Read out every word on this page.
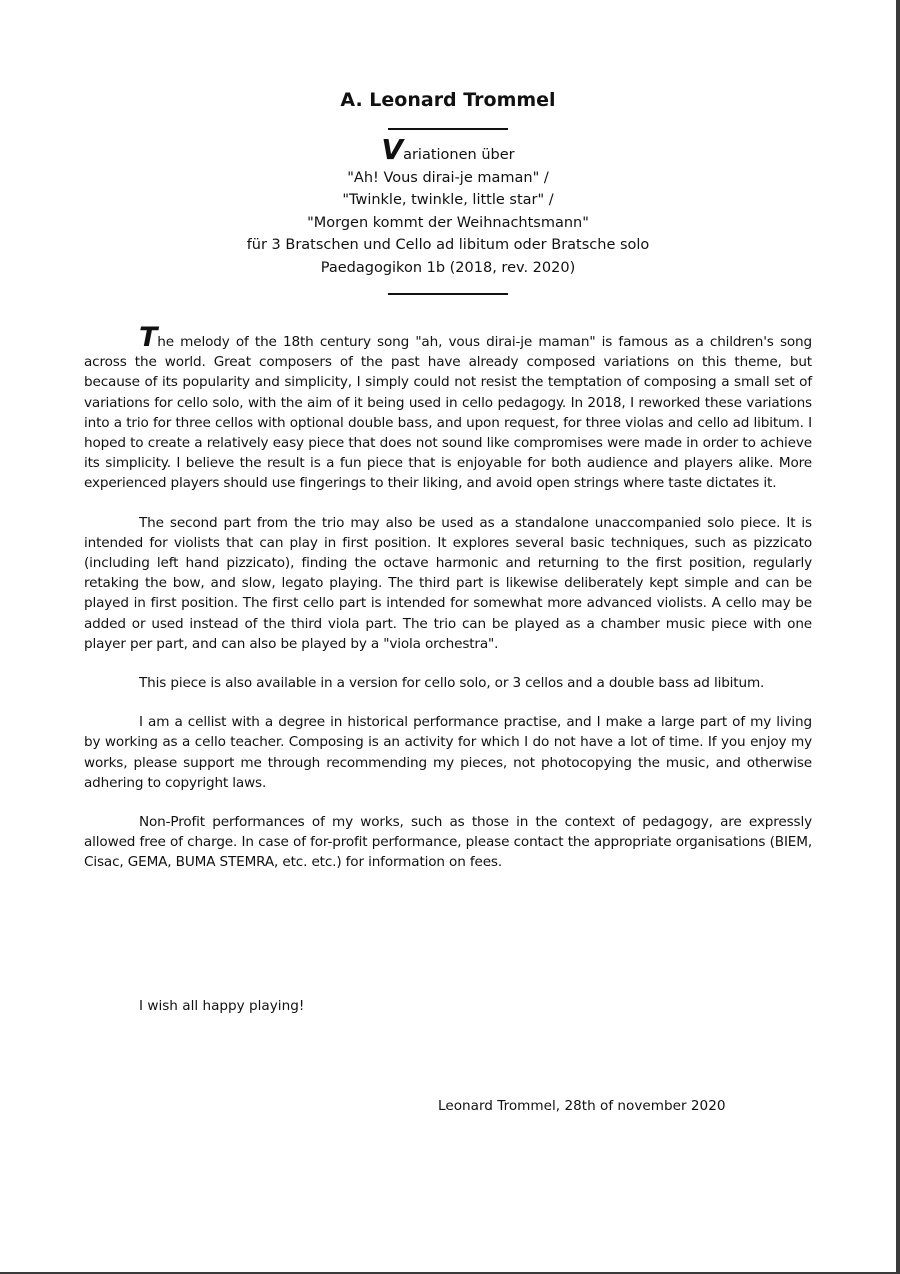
A. Leonard Trommel
Variationen über
"Ah! Vous dirai-je maman" /
"Twinkle, twinkle, little star" /
"Morgen kommt der Weihnachtsmann"
für 3 Bratschen und Cello ad libitum oder Bratsche solo
Paedagogikon 1b (2018, rev. 2020)

The melody of the 18th century song "ah, vous dirai-je maman" is famous as a children's song across the world. Great composers of the past have already composed variations on this theme, but because of its popularity and simplicity, I simply could not resist the temptation of composing a small set of variations for cello solo, with the aim of it being used in cello pedagogy. In 2018, I reworked these variations into a trio for three cellos with optional double bass, and upon request, for three violas and cello ad libitum. I hoped to create a relatively easy piece that does not sound like compromises were made in order to achieve its simplicity. I believe the result is a fun piece that is enjoyable for both audience and players alike. More experienced players should use fingerings to their liking, and avoid open strings where taste dictates it.

The second part from the trio may also be used as a standalone unaccompanied solo piece. It is intended for violists that can play in first position. It explores several basic techniques, such as pizzicato (including left hand pizzicato), finding the octave harmonic and returning to the first position, regularly retaking the bow, and slow, legato playing. The third part is likewise deliberately kept simple and can be played in first position. The first cello part is intended for somewhat more advanced violists. A cello may be added or used instead of the third viola part. The trio can be played as a chamber music piece with one player per part, and can also be played by a "viola orchestra".

This piece is also available in a version for cello solo, or 3 cellos and a double bass ad libitum.

I am a cellist with a degree in historical performance practise, and I make a large part of my living by working as a cello teacher. Composing is an activity for which I do not have a lot of time. If you enjoy my works, please support me through recommending my pieces, not photocopying the music, and otherwise adhering to copyright laws.

Non-Profit performances of my works, such as those in the context of pedagogy, are expressly allowed free of charge. In case of for-profit performance, please contact the appropriate organisations (BIEM, Cisac, GEMA, BUMA STEMRA, etc. etc.) for information on fees.

I wish all happy playing!
Leonard Trommel, 28th of november 2020
